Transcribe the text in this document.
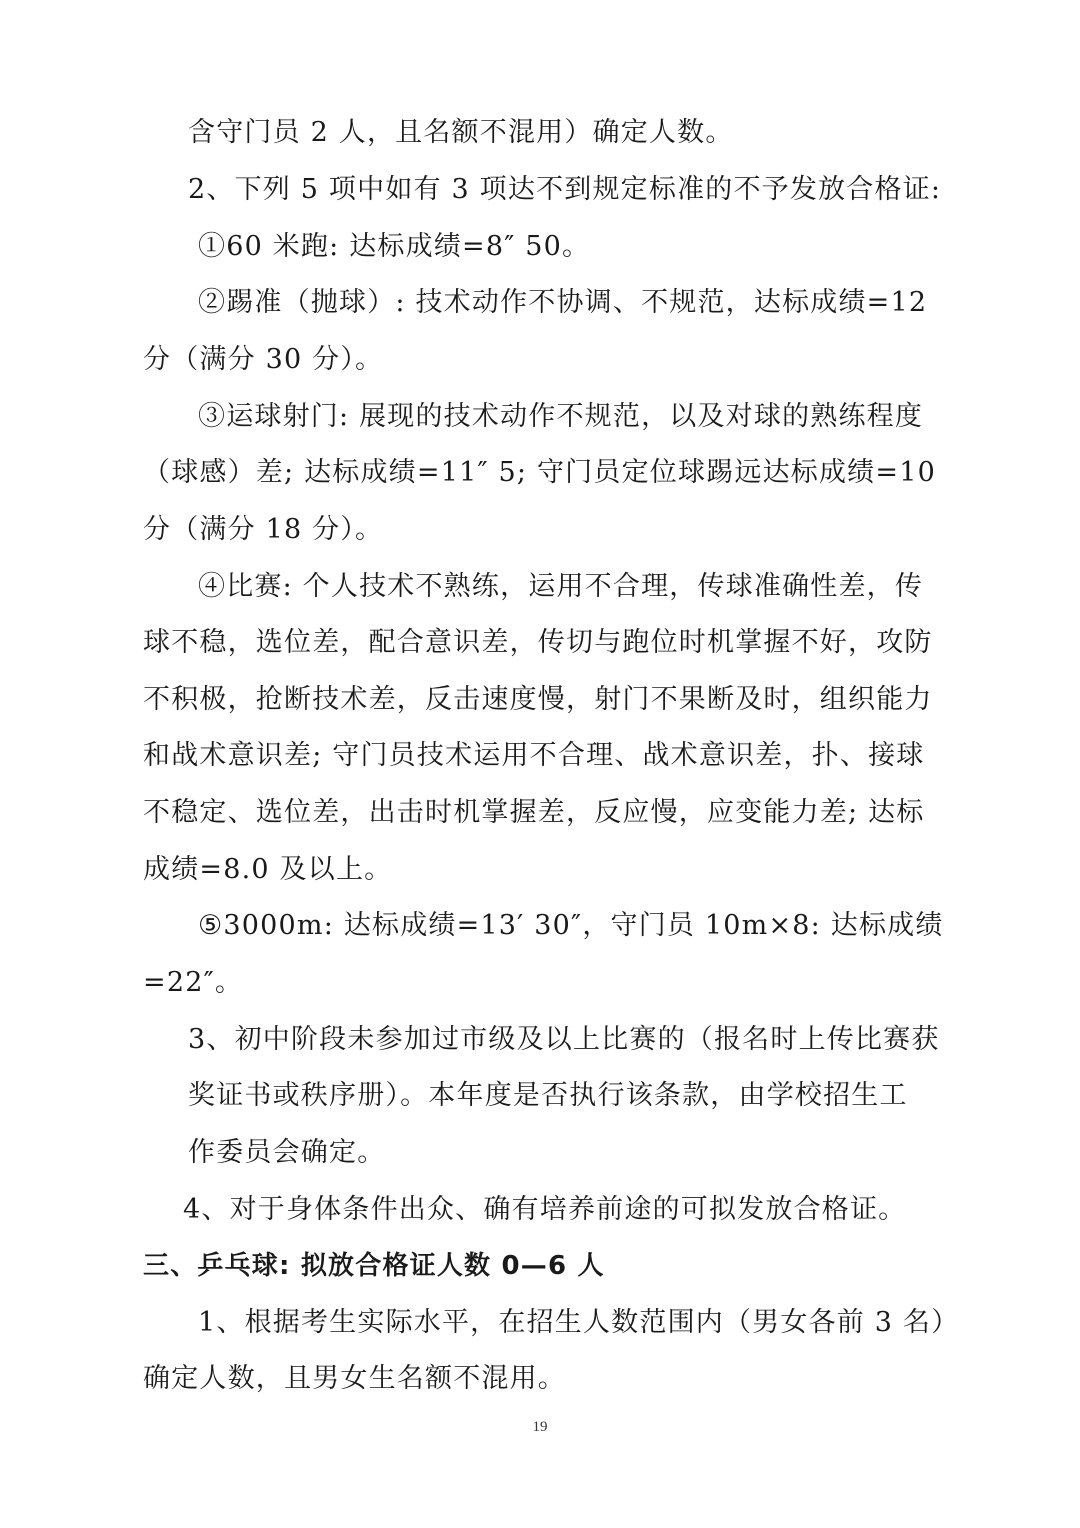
含守门员 2 人，且名额不混用）确定人数。
2、下列 5 项中如有 3 项达不到规定标准的不予发放合格证:
①60 米跑: 达标成绩=8″ 50。
②踢准（抛球）: 技术动作不协调、不规范，达标成绩=12
分（满分 30 分）。
③运球射门: 展现的技术动作不规范，以及对球的熟练程度
（球感）差; 达标成绩=11″ 5; 守门员定位球踢远达标成绩=10
分（满分 18 分）。
④比赛: 个人技术不熟练，运用不合理，传球准确性差，传
球不稳，选位差，配合意识差，传切与跑位时机掌握不好，攻防
不积极，抢断技术差，反击速度慢，射门不果断及时，组织能力
和战术意识差; 守门员技术运用不合理、战术意识差，扑、接球
不稳定、选位差，出击时机掌握差，反应慢，应变能力差; 达标
成绩=8.0 及以上。
⑤3000m: 达标成绩=13′ 30″，守门员 10m×8: 达标成绩
=22″。
3、初中阶段未参加过市级及以上比赛的（报名时上传比赛获
奖证书或秩序册）。本年度是否执行该条款，由学校招生工
作委员会确定。
4、对于身体条件出众、确有培养前途的可拟发放合格证。
三、乒乓球: 拟放合格证人数 0—6 人
1、根据考生实际水平，在招生人数范围内（男女各前 3 名）
确定人数，且男女生名额不混用。
19
